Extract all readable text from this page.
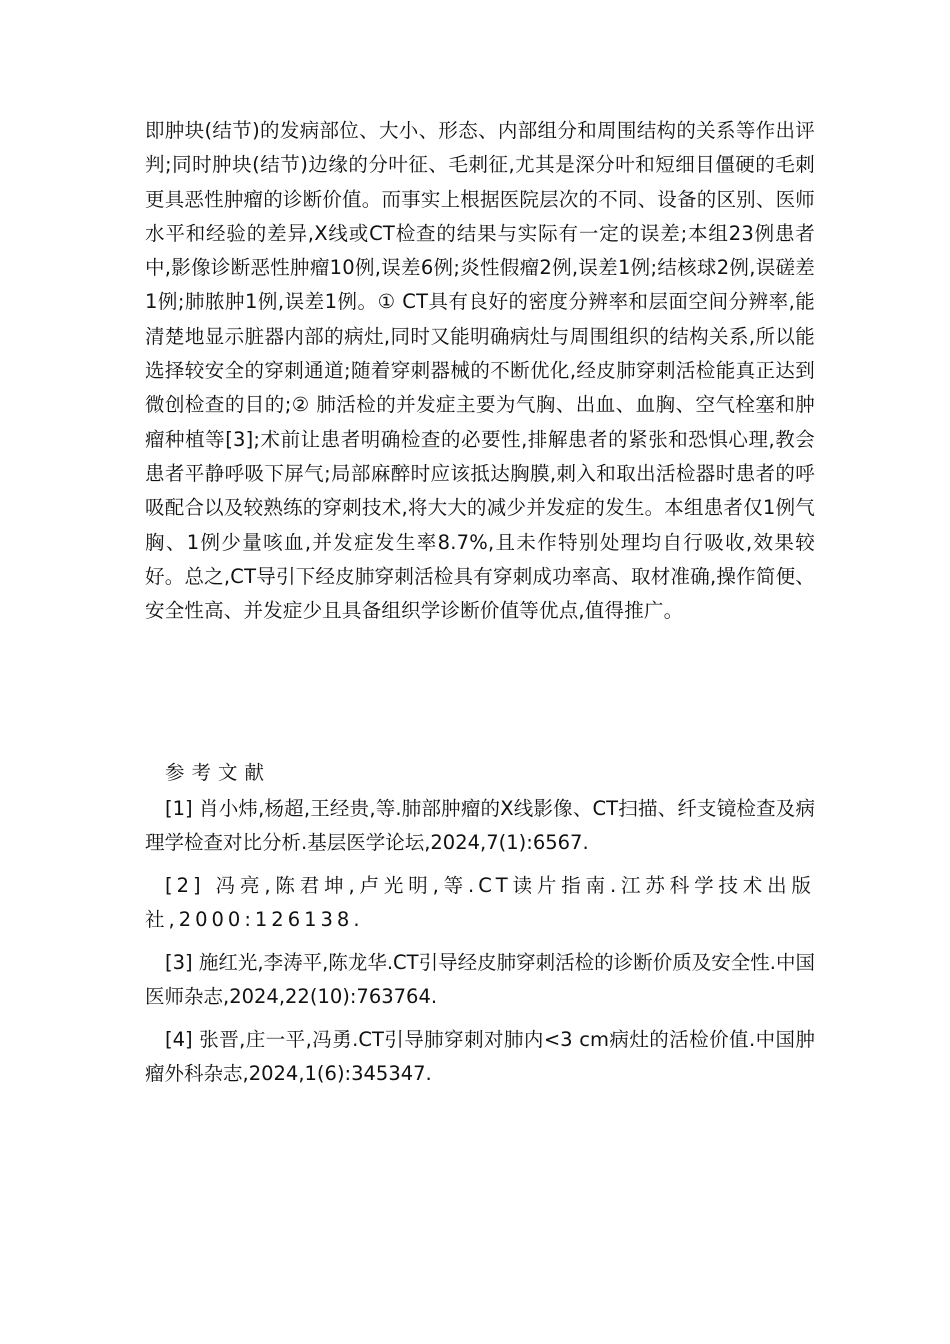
即肿块(结节)的发病部位、大小、形态、内部组分和周围结构的关系等作出评判;同时肿块(结节)边缘的分叶征、毛刺征,尤其是深分叶和短细目僵硬的毛刺更具恶性肿瘤的诊断价值。而事实上根据医院层次的不同、设备的区别、医师水平和经验的差异,X线或CT检查的结果与实际有一定的误差;本组23例患者中,影像诊断恶性肿瘤10例,误差6例;炎性假瘤2例,误差1例;结核球2例,误磋差1例;肺脓肿1例,误差1例。① CT具有良好的密度分辨率和层面空间分辨率,能清楚地显示脏器内部的病灶,同时又能明确病灶与周围组织的结构关系,所以能选择较安全的穿刺通道;随着穿刺器械的不断优化,经皮肺穿刺活检能真正达到微创检查的目的;② 肺活检的并发症主要为气胸、出血、血胸、空气栓塞和肿瘤种植等[3];术前让患者明确检查的必要性,排解患者的紧张和恐惧心理,教会患者平静呼吸下屏气;局部麻醉时应该抵达胸膜,刺入和取出活检器时患者的呼吸配合以及较熟练的穿刺技术,将大大的减少并发症的发生。本组患者仅1例气胸、1例少量咳血,并发症发生率8.7%,且未作特别处理均自行吸收,效果较好。总之,CT导引下经皮肺穿刺活检具有穿刺成功率高、取材准确,操作简便、安全性高、并发症少且具备组织学诊断价值等优点,值得推广。
参考文献
[1] 肖小炜,杨超,王经贵,等.肺部肿瘤的X线影像、CT扫描、纤支镜检查及病理学检查对比分析.基层医学论坛,2024,7(1):6567.
[2] 冯亮,陈君坤,卢光明,等.CT读片指南.江苏科学技术出版社,2000:126138.
[3] 施红光,李涛平,陈龙华.CT引导经皮肺穿刺活检的诊断价质及安全性.中国医师杂志,2024,22(10):763764.
[4] 张晋,庄一平,冯勇.CT引导肺穿刺对肺内<3 cm病灶的活检价值.中国肿瘤外科杂志,2024,1(6):345347.
